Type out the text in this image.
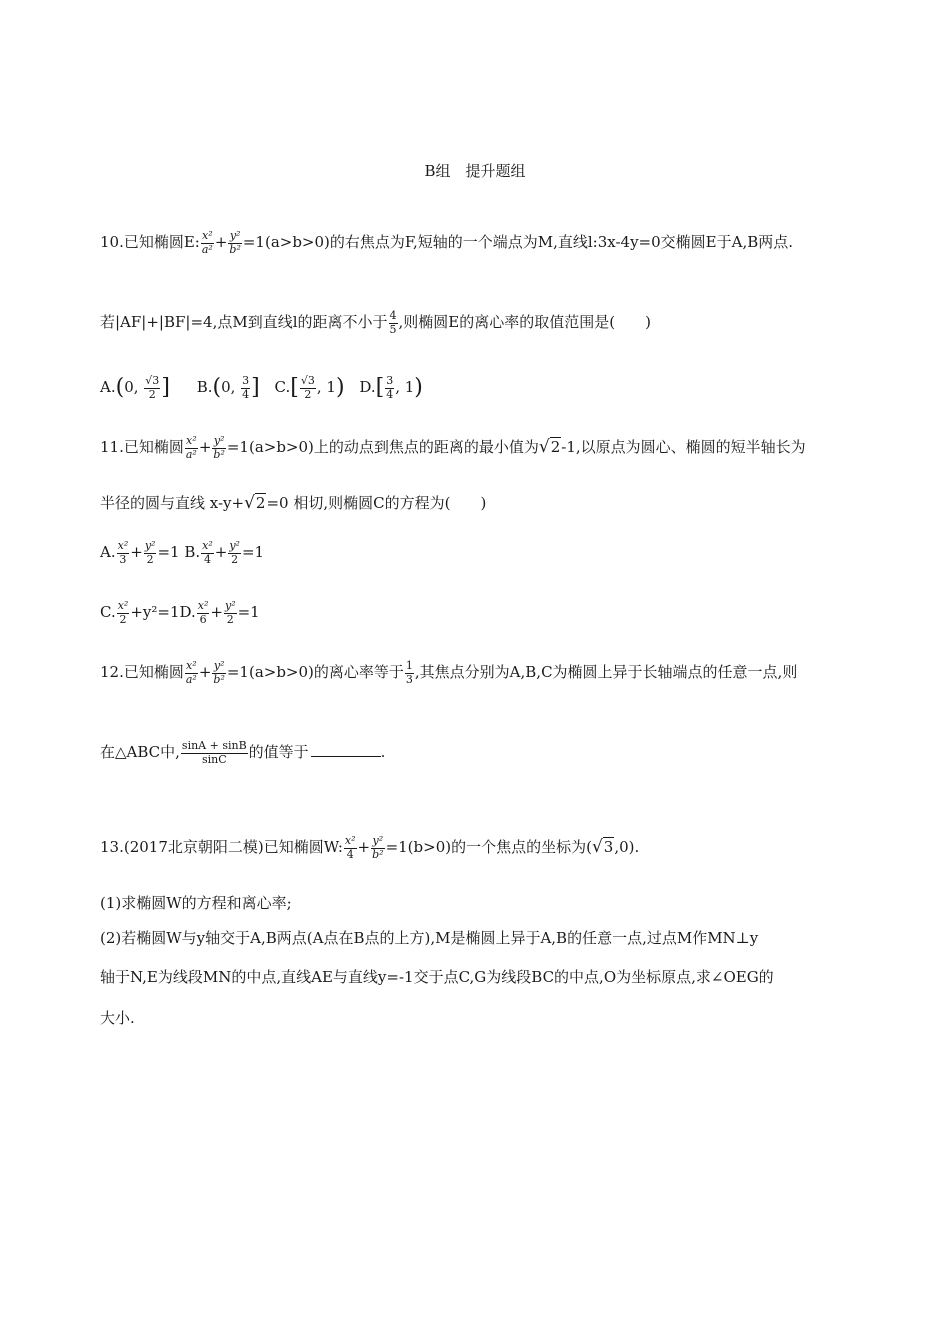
B组　提升题组
10.已知椭圆E: $\frac{\text{x²}}{\text{a²}} + \frac{\text{y²}}{\text{b²}} =1(a>b>0)$的右焦点为F,短轴的一个端点为M,直线l:3x-4y=0交椭圆E于A,B两点.
若|AF|+|BF|=4,点M到直线l的距离不小于 $\frac{4}{5}$ ,则椭圆E的离心率的取值范围是(　　)
A.(0, $\frac{√3}{2}$ ] B.(0, $\frac{3}{4}$ ] $C.[ \frac{√3}{2}$ , 1) $D.[ \frac{3}{4}$ , 1)
11.已知椭圆 $\frac{\text{x²}}{\text{a²}} + \frac{\text{y²}}{\text{b²}} =1(a>b>0)$上的动点到焦点的距离的最小值为√2-1,以原点为圆心、椭圆的短半轴长为
半径的圆与直线 x-y+√2=0 相切,则椭圆C的方程为(　　)
A. $\frac{\text{x²}}{3} + \frac{\text{y²}}{2} =1$ B. $\frac{\text{x²}}{4} + \frac{\text{y²}}{2} =1$
C. $\frac{\text{x²}}{2} +y^2=1D$. $\frac{\text{x²}}{6} + \frac{\text{y²}}{2} =1$
12.已知椭圆 $\frac{\text{x²}}{\text{a²}} + \frac{\text{y²}}{\text{b²}} =1(a>b>0)$的离心率等于 $\frac{1}{3}$ ,其焦点分别为A,B,C为椭圆上异于长轴端点的任意一点,则
在△ABC中, $\frac{\sin A + \sin B}{\sin C}$ 的值等于	.
13.(2017北京朝阳二模)已知椭圆W: $\frac{\text{x²}}{4} + \frac{\text{y²}}{\text{b²}} =1(b>0)$的一个焦点的坐标为(√3,0).
(1)求椭圆W的方程和离心率;
(2)若椭圆W与y轴交于A,B两点(A点在B点的上方),M是椭圆上异于A,B的任意一点,过点M作MN⊥y
轴于N,E为线段MN的中点,直线AE与直线y=-1交于点C,G为线段BC的中点,O为坐标原点,求∠OEG的
大小.
